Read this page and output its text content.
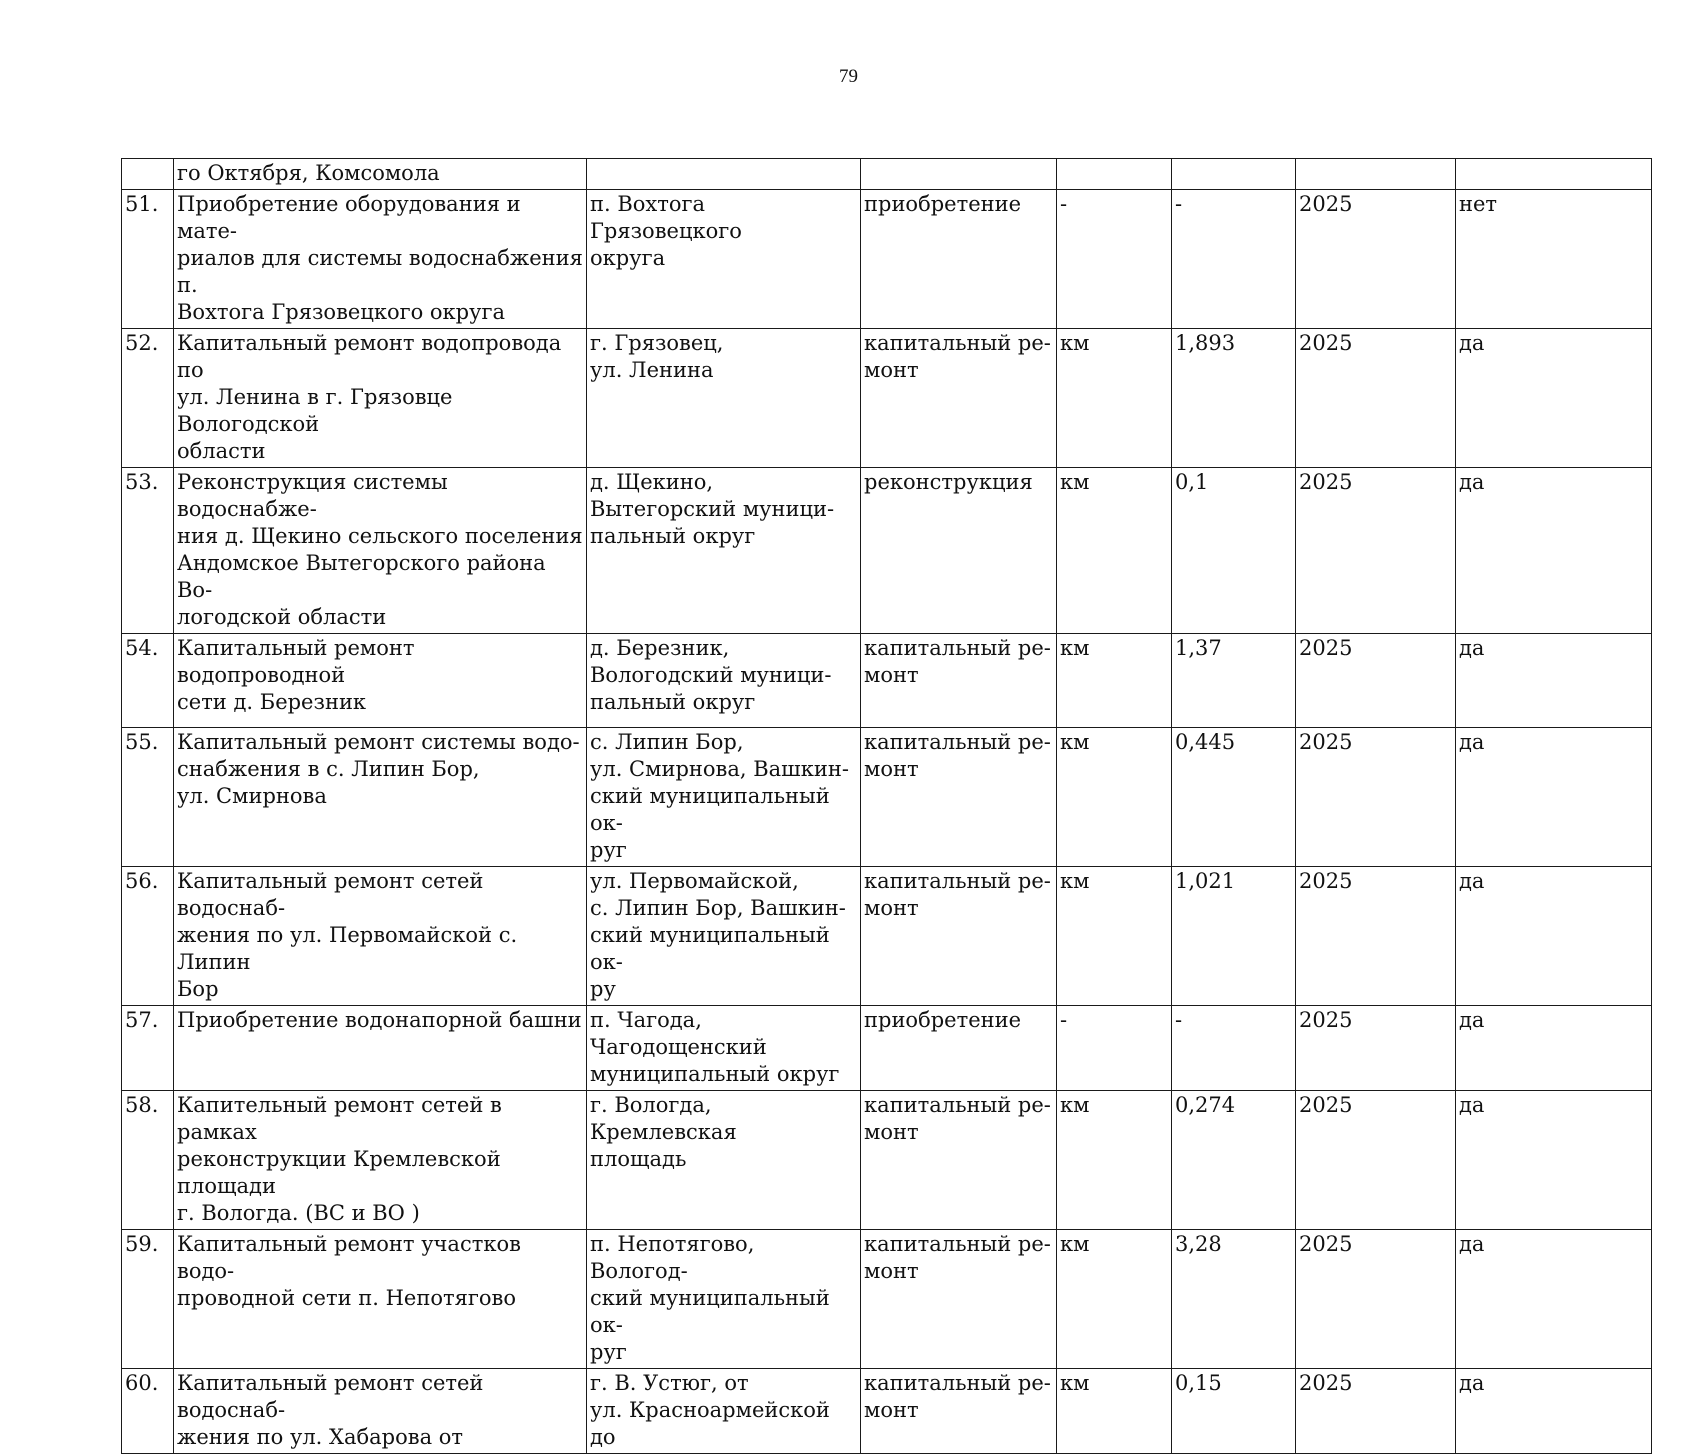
79
	го Октября, Комсомола						
51.	Приобретение оборудования и мате-
риалов для системы водоснабжения п.
Вохтога Грязовецкого округа	п. Вохтога Грязовецкого
округа	приобретение	-	-	2025	нет
52.	Капитальный ремонт водопровода по
ул. Ленина в г. Грязовце Вологодской
области	г. Грязовец,
ул. Ленина	капитальный ре-
монт	км	1,893	2025	да
53.	Реконструкция системы водоснабже-
ния д. Щекино сельского поселения
Андомское Вытегорского района Во-
логодской области	д. Щекино,
Вытегорский муници-
пальный округ	реконструкция	км	0,1	2025	да
54.	Капитальный ремонт водопроводной
сети д. Березник	д. Березник,
Вологодский муници-
пальный округ	капитальный ре-
монт	км	1,37	2025	да
55.	Капитальный ремонт системы водо-
снабжения в с. Липин Бор,
ул. Смирнова	с. Липин Бор,
ул. Смирнова, Вашкин-
ский муниципальный ок-
руг	капитальный ре-
монт	км	0,445	2025	да
56.	Капитальный ремонт сетей водоснаб-
жения по ул. Первомайской с. Липин
Бор	ул. Первомайской,
с. Липин Бор, Вашкин-
ский муниципальный ок-
ру	капитальный ре-
монт	км	1,021	2025	да
57.	Приобретение водонапорной башни	п. Чагода, Чагодощенский
муниципальный округ	приобретение	-	-	2025	да
58.	Капительный ремонт сетей в рамках
реконструкции Кремлевской площади
г. Вологда. (ВС и ВО )	г. Вологда, Кремлевская
площадь	капитальный ре-
монт	км	0,274	2025	да
59.	Капитальный ремонт участков водо-
проводной сети п. Непотягово	п. Непотягово, Вологод-
ский муниципальный ок-
руг	капитальный ре-
монт	км	3,28	2025	да
60.	Капитальный ремонт сетей водоснаб-
жения по ул. Хабарова от	г. В. Устюг, от
ул. Красноармейской до	капитальный ре-
монт	км	0,15	2025	да
